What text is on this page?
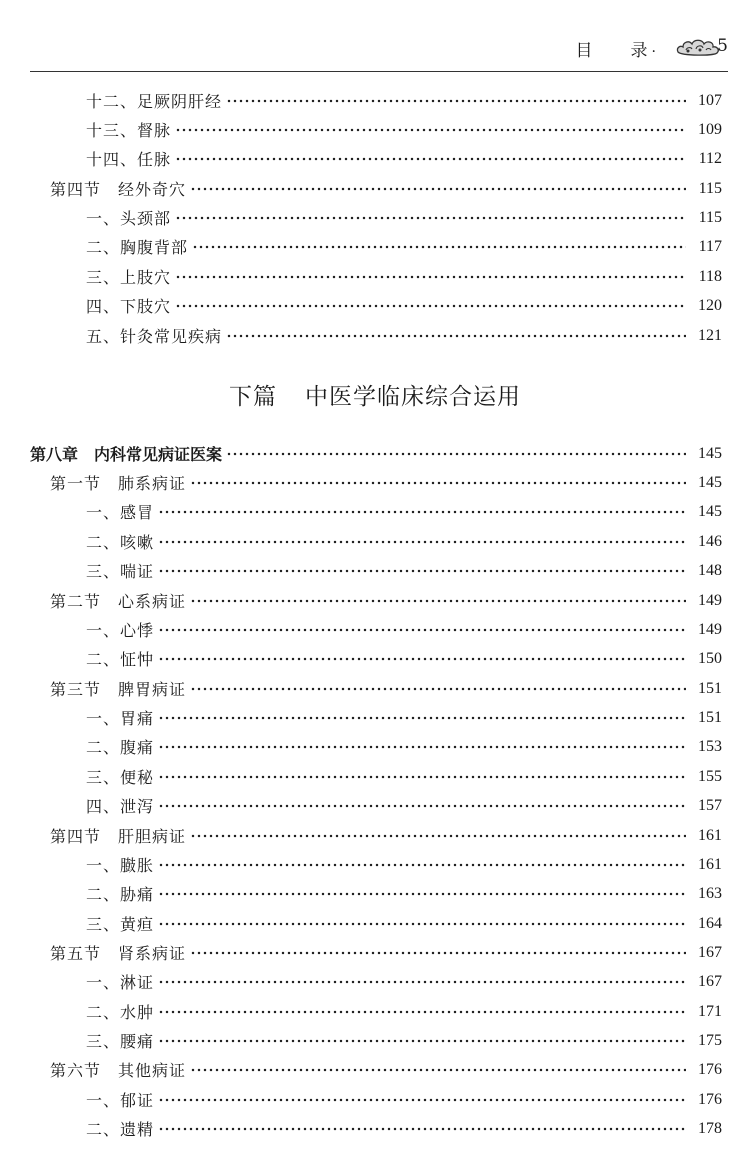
目 录 ·	5
十二、足厥阴肝经	107
十三、督脉	109
十四、任脉	112
第四节　经外奇穴	115
一、头颈部	115
二、胸腹背部	117
三、上肢穴	118
四、下肢穴	120
五、针灸常见疾病	121
下篇 中医学临床综合运用
第八章　内科常见病证医案	145
第一节　肺系病证	145
一、感冒	145
二、咳嗽	146
三、喘证	148
第二节　心系病证	149
一、心悸	149
二、怔忡	150
第三节　脾胃病证	151
一、胃痛	151
二、腹痛	153
三、便秘	155
四、泄泻	157
第四节　肝胆病证	161
一、臌胀	161
二、胁痛	163
三、黄疸	164
第五节　肾系病证	167
一、淋证	167
二、水肿	171
三、腰痛	175
第六节　其他病证	176
一、郁证	176
二、遗精	178
